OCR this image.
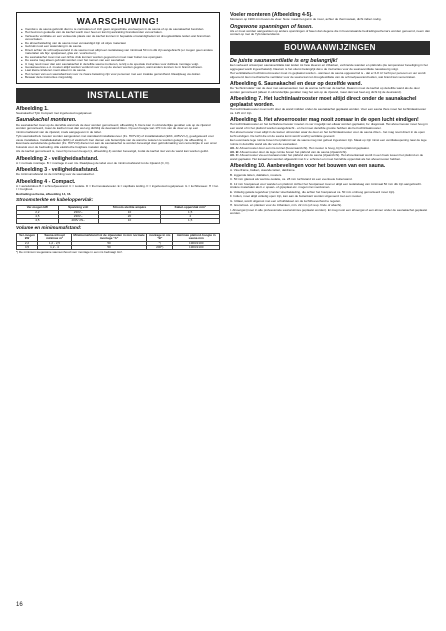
WAARSCHUWING!
● Voordat u de sauna gebruikt dient u te controleren of zich geen ongeschikte voorwerpen in de sauna of op de saunakachel bevinden.
● Het bevroren gedeelte van de kachel wordt zeer heet en kan bij aanraking brandwonden veroorzaken.
● Verkeerde ventilatie en een verkeerde plaats van de kachel kunnen in bepaalde omstandigheden tot droogdestillatie leiden wat brand kan veroorzaken.
● De afvoerbekleding van de sauna moet vervaardigd zijn uit stijve materiaal.
● Gebruik nooit een waterslang in de sauna.
● Direct achter de schroefpeesrand in de sauna moet altijd een isolatielaag van minimaal 50 mm dik zijn aangebracht (er mogen geen andere materialen als bijv. spatpaneel, glas etc. voorkomen).
● De saunakachel moet met een lichte druk kunnen worden gegooid en moet naar buiten toe opengaan.
● De sauna mag alleen gebruikt worden voor het nemen van een saunabad.
● U mag nooit meer dan één saunakachel in dezelfde sauna monteren, tenzij u de speciale instructies voor dubbele montage volgt.
● Gevaarseenres e.d. moeten altijd worden verdund voor zo op de stenen worden gegoten, want anders kunnen ze in brand schieten.
● Laat kleine kinderen nooit alleen in de sauna.
● Het nemen van een saunabad kan voor ze zware belasting zijn voor personen met een zwakke gezondheid. Raadpleeg uw dokter.
● Bewaar deze instructies zorgvuldig.
INSTALLATIE
Afbeelding 1.
Saunakachel Tylö Compact met ingebouwd regelpaneel.
Saunakachel monteren.
De saunakachel moet op de dezelfde wand als de deur worden gemonteerd, afbeelding 6. Deze kan in uitzonderlijke gevallen ook op de zijwand worden gemonteerd, maar de kachel moet dan wel erg dichtbij de deurwand zitten. Op een hoogte van 170 mm van de vloer en op een minimumafstand van de zijwand, zoals aangegeven in de tabel.
Tylö saunakachels moeten worden aangesloten met standaard installatiesnoer (Fx. H07V-R) of installatiekabel (EKK, A05VV-U), goedgekeurd voor vaste installaties. Installatiekabels (EKK) of elektrisch zien dienen ook buitenzijde van de wand te isoleren te worden gelegd, zie afbeelding 4. Eventuele aansluitende gebieden (Fx. H07V-R) dienen tot aan de saunakachel te worden bevestigd door gebruikmaking van cementrijke in een smal buisstuk voor de bedrading. Alle elektrische buigbare metalen slang.
Als de kachel gemonteerd is, moet hij met een beugel (1, afbeelding 4) worden bevestigd, zodat de kachel niet van de wand kan worden getild.
Afbeelding 2 - veiligheidsafstand.
A = normale montage. B = montage in een nis. Raadpleeg de tabel voor de minimumafstand tot de zijwand (C, D).
Afbeelding 3 - veiligheidsafstand.
De minimumafstand tot de inrichting voor de saunakachel.
Afbeelding 4 - Compact.
A = aansluitdoos B = schroefpeesrand. C = isolatie. D = thermostaatvoeler. E = capillaire leiding. F = ingebouwd regelpaneel. G = luchtbeweer. H = lat. I = borgbout.
Bedradingsschema, afbeelding 14, 16.
Stroomsterkte en kabeloppervlak:
Ver-mogen kW	Spanning volt	Stroom-sterkte ampère	Kabel-oppervlak mm²
2,2	230V~	10	1,5
4,5	230V~	20	4
4,5	400V 2N~	10	1,5
Volume en minimumafstand:
Ver-mogen kW	Sauna-inhoud min/max m³	Minimumafstand tot de zijwanden in mm normale montage "A"	montage in nis "B"	min/max plafond-hoogte in sauna mm
2,2	1,2 - 2,5	50	*)	1900/2100
4,5	1,2 - 4	50	200*)	1900/2100
*) De minimum toegestane sauna-inhoud voor montage in een nis bedraagt 4m³.
16
Voeler monteren (Afbeelding 4-5).
Monteren op 1900 mm boven de vloer. Note: maak het gat in de muur, achter de thermostaat, dicht indien nodig.
Ongewone spanningen of fasen.
Als er moet worden aangesloten op andere spanningen of fasen dan degene die in bovenstaande bedradingsschema's worden genoemd, neem dan contact op met de Tylö klantendienst.
BOUWAANWIJZINGEN
De juiste saunaventilatie is erg belangrijk!
Een verkeerd ontworpen saunaventilatie kan leiden tot hete kleeren en zilbarken, verbrande wanden en plafonds (de temperatuur beveiliging in het aggregaat wordt ingeschakeld). Daarom is het uiterst belangrijk dat u de instructies voor de saunaventilatie nauwkeurig volgt.
Het ventilatiebeur luchtstroomroester moet zo geplaatst worden - wanneer de sauna opgewarmd is - dat er 6-8 m³ lucht per persoon en uur wordt afgevoerd. Een mechanische ventilator voor de sauna kan tot droogdestillatie van de schroefpeesrand leiden, wat brand kan veroorzaken.
Afbeelding 6. Saunakachel en deur op dezelfde wand.
De "luchtcirculatie" van de deur met samenwerken met de warme lucht van de kachel. Daarom moet de kachel op dezelfde wand als de deur worden gemonteerd (alleen in uitzonderlijke gevallen mag het ook op de zijwand, maar dan wel heel erg dicht bij de deurwand).
Afbeelding 7. Het luchtinlaatrooster moet altijd direct onder de saunakachel geplaatst worden.
Het luchtinlaatrooster moet recht door de wand midden onder de saunakachel geplaatst worden. Voor een sauna thuis moet het luchtinlaatrooster ca. 125 cm² zijn.
Afbeelding 8. Het afvoerrooster mag nooit zomaar in de open lucht eindigen!
Het luchtinlaatrooster en het luchtafvoerrooster moeten zo ver mogelijk van elkaar worden geplaatst, bv. diagonaal. Het afvoerrooster moet hoog in een wand of in het plafond worden aangebracht - en het moet dezelfde grootte hebben als het luchtinlaatrooster.
Het afvoerrooster moet altijd in de kamer uitmonden waar de deur en het luchtinlaatrooster voor de sauna zitten - het mag nooit direct in de open lucht eindigen. De lucht die uit de sauna komt wordt voorbij ventilatie gevoerd.
Een eventuele lege ruimte boven het plafond van de sauna mag niet geheel ingesloten zijn. Maak op zijn minst een ventilatieopening naar de lege ruimte in dezelfde wand als die van de saunadeur.
Alt. A: Afvoerrooster door een nis-tunnel (bovenaanzicht). Het rooster is hoog, bij het plafond geplaatst.
Alt. B: Afvoerrooster door de lege ruimte boven het plafond van de sauna (zijaanzicht).
Alt. C: Afvoerrooster via een kanaal onder het plafond van de sauna (zijaanzicht). Het afvoerkanaal wordt in een hoek tussen het plafond en de wand geplaatst. Het kanaal kan worden afgewerkt met b.v. schroten en moet hetzelfde oppervlak als het afvoerrooster hebben.
Afbeelding 10. Aanbevelingen voor het bouwen van een sauna.
A. Vloerframe, balken, staande latten, dakframe.
B. Liggende latten, daklatten, roosters.
C. 50 mm glaswol als warmte-isolatie, ca. 28 mm luchtstand tot een eventuele buitenwand.
D. 12 mm houtpaneel voor wanden en plafond. Achter het houtpaneel moet er altijd een isolatielaag van minimaal 50 mm dik zijn aangebracht. Andere materialen als b.v. spaan- of gipsplaat etc. mogen niet voorkomen.
E. Volledig gelade tegelvloer (zonder vloerbekleding, die achter het houtpaneel ca. 50 mm omhoog gemonteerd moet zijn).
F. Indien, moet altijd volledig open zijn, kan aan de buitenkant worden uitgevoerd met een rooster.
G. Uitlaat, wordt uitgerust met een schuifdeksel om de luchtfreeverheid te regelen.
H. Grenshout- en planken voor de zitbanken, min. 22 mm (of resp. finde of abachi).
I. Afvoergat (moet in alle professionele saunaruimtes geplaatst worden). Er mag nooit een afvoergat of een afvoer onder de saunakachel geplaatst worden.
